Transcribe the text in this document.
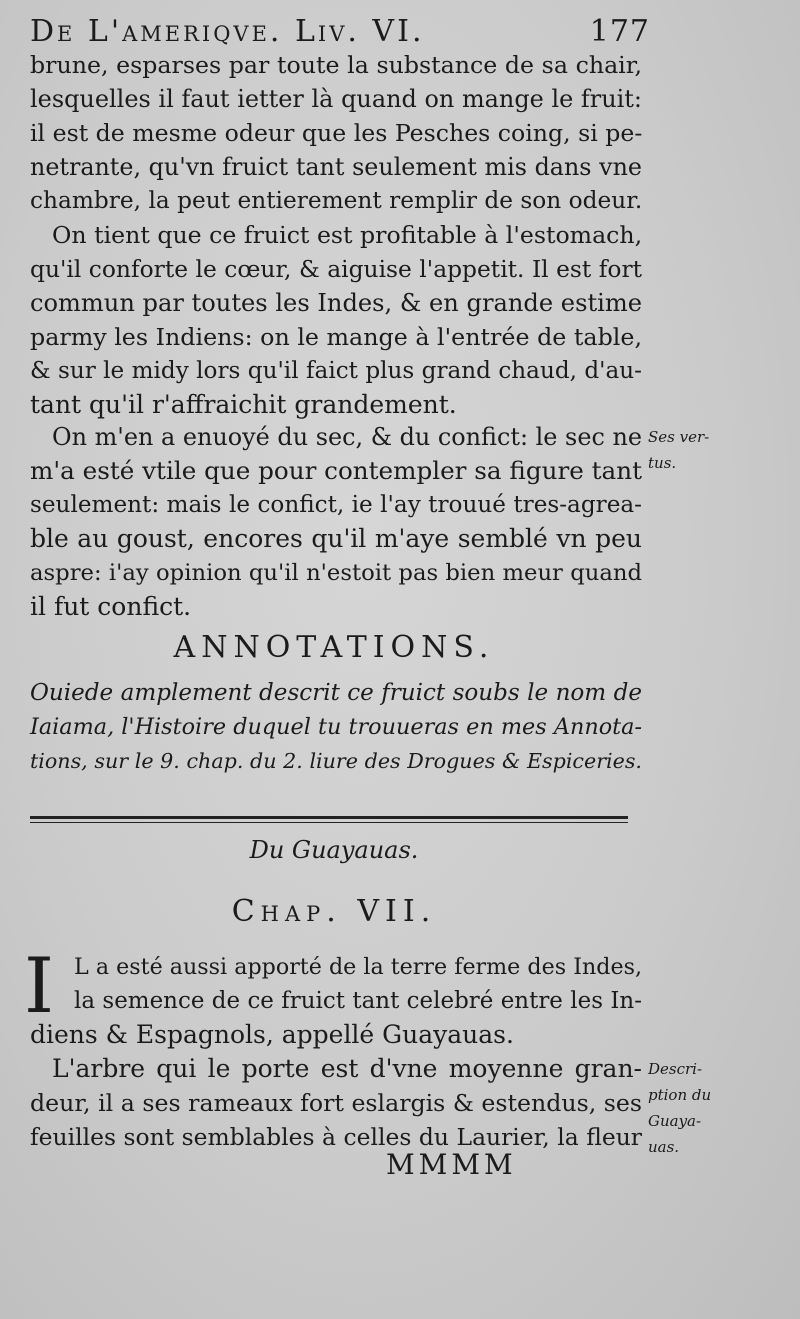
De L'ameriqve. Liv. VI.	177
brune, esparses par toute la substance de sa chair,
lesquelles il faut ietter là quand on mange le fruit:
il est de mesme odeur que les Pesches coing, si pe-
netrante, qu'vn fruict tant seulement mis dans vne
chambre, la peut entierement remplir de son odeur.
On tient que ce fruict est profitable à l'estomach,
qu'il conforte le cœur, & aiguise l'appetit. Il est fort
commun par toutes les Indes, & en grande estime
parmy les Indiens: on le mange à l'entrée de table,
& sur le midy lors qu'il faict plus grand chaud, d'au-
tant qu'il r'affraichit grandement.
On m'en a enuoyé du sec, & du confict: le sec ne
m'a esté vtile que pour contempler sa figure tant
seulement: mais le confict, ie l'ay trouué tres-agrea-
ble au goust, encores qu'il m'aye semblé vn peu
aspre: i'ay opinion qu'il n'estoit pas bien meur quand
il fut confict.
Ses ver-
tus.
ANNOTATIONS.
Ouiede amplement descrit ce fruict soubs le nom de
Iaiama, l'Histoire duquel tu trouueras en mes Annota-
tions, sur le 9. chap. du 2. liure des Drogues & Espiceries.
Du Guayauas.
Chap. VII.
I L a esté aussi apporté de la terre ferme des Indes,
la semence de ce fruict tant celebré entre les In-
diens & Espagnols, appellé Guayauas.
L'arbre qui le porte est d'vne moyenne gran-
deur, il a ses rameaux fort eslargis & estendus, ses
feuilles sont semblables à celles du Laurier, la fleur
Descri-
ption du
Guaya-
uas.
MMMM
